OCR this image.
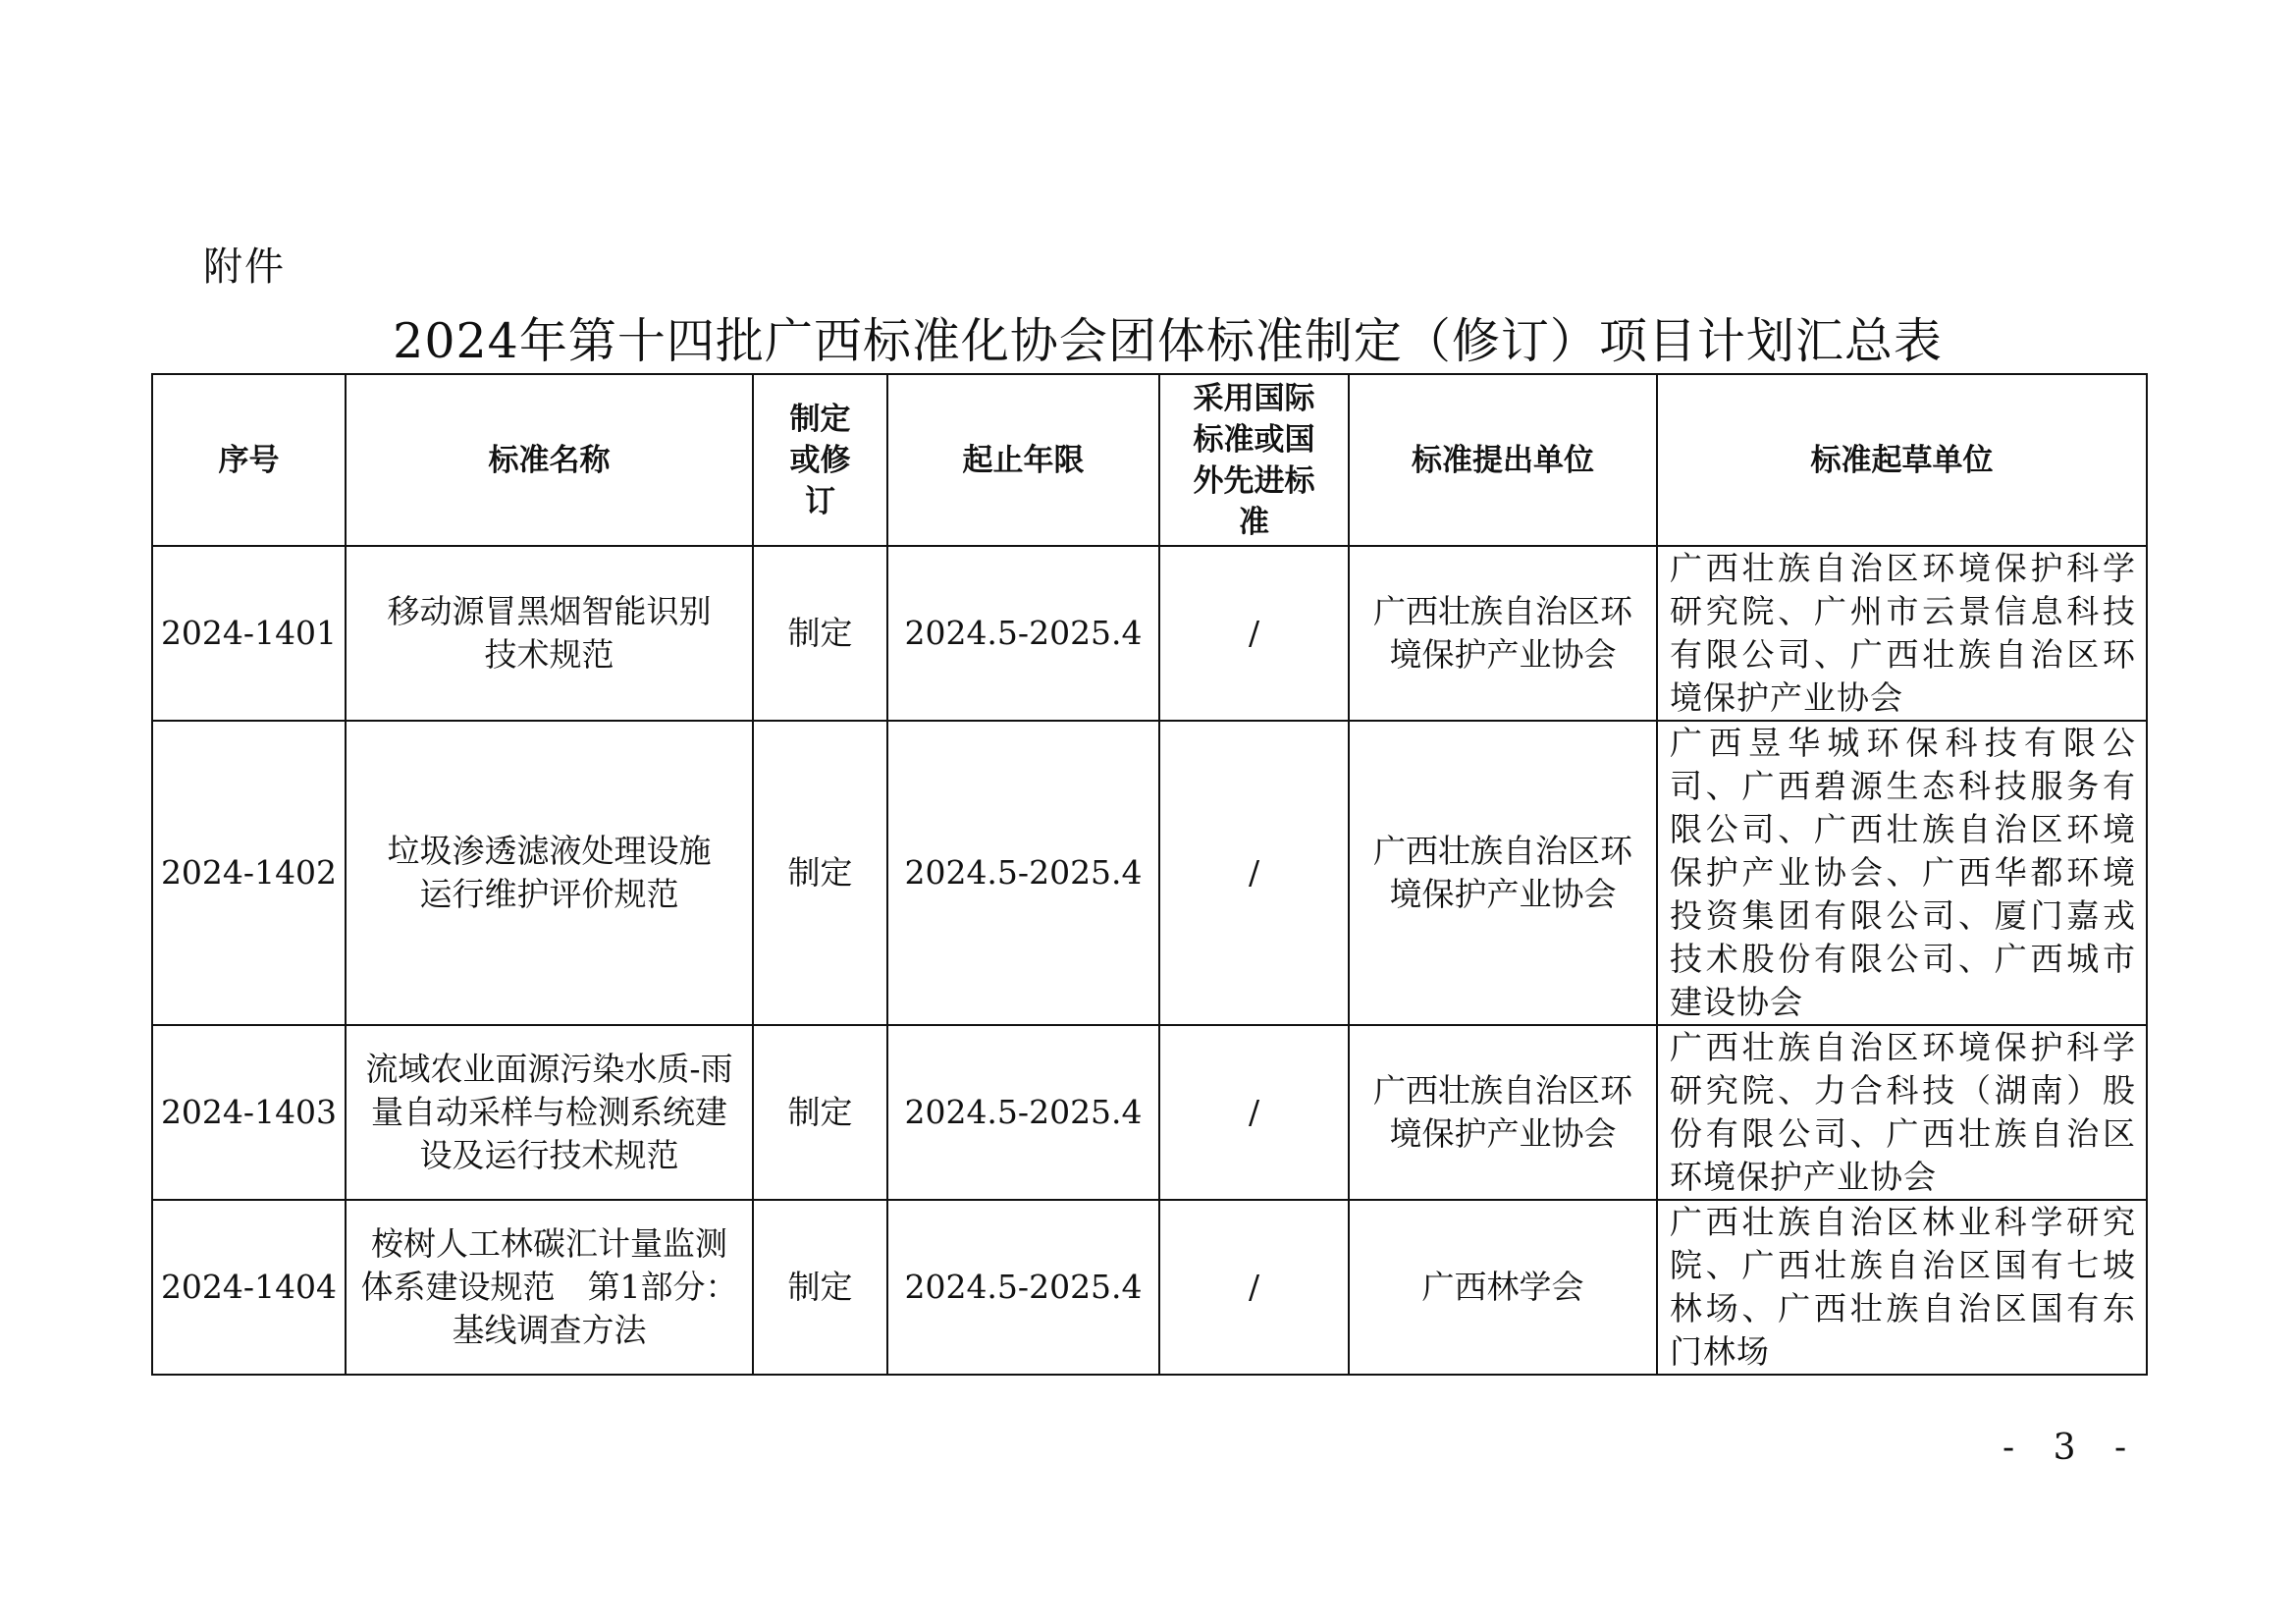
附件
2024年第十四批广西标准化协会团体标准制定（修订）项目计划汇总表
序号	标准名称	制定或修订	起止年限	采用国际标准或国外先进标准	标准提出单位	标准起草单位
2024-1401	移动源冒黑烟智能识别技术规范	制定	2024.5-2025.4	/	广西壮族自治区环境保护产业协会	广西壮族自治区环境保护科学研究院、广州市云景信息科技有限公司、广西壮族自治区环境保护产业协会
2024-1402	垃圾渗透滤液处理设施运行维护评价规范	制定	2024.5-2025.4	/	广西壮族自治区环境保护产业协会	广西昱华城环保科技有限公司、广西碧源生态科技服务有限公司、广西壮族自治区环境保护产业协会、广西华都环境投资集团有限公司、厦门嘉戎技术股份有限公司、广西城市建设协会
2024-1403	流域农业面源污染水质-雨量自动采样与检测系统建设及运行技术规范	制定	2024.5-2025.4	/	广西壮族自治区环境保护产业协会	广西壮族自治区环境保护科学研究院、力合科技（湖南）股份有限公司、广西壮族自治区环境保护产业协会
2024-1404	桉树人工林碳汇计量监测体系建设规范　第1部分：基线调查方法	制定	2024.5-2025.4	/	广西林学会	广西壮族自治区林业科学研究院、广西壮族自治区国有七坡林场、广西壮族自治区国有东门林场
- 3 -
